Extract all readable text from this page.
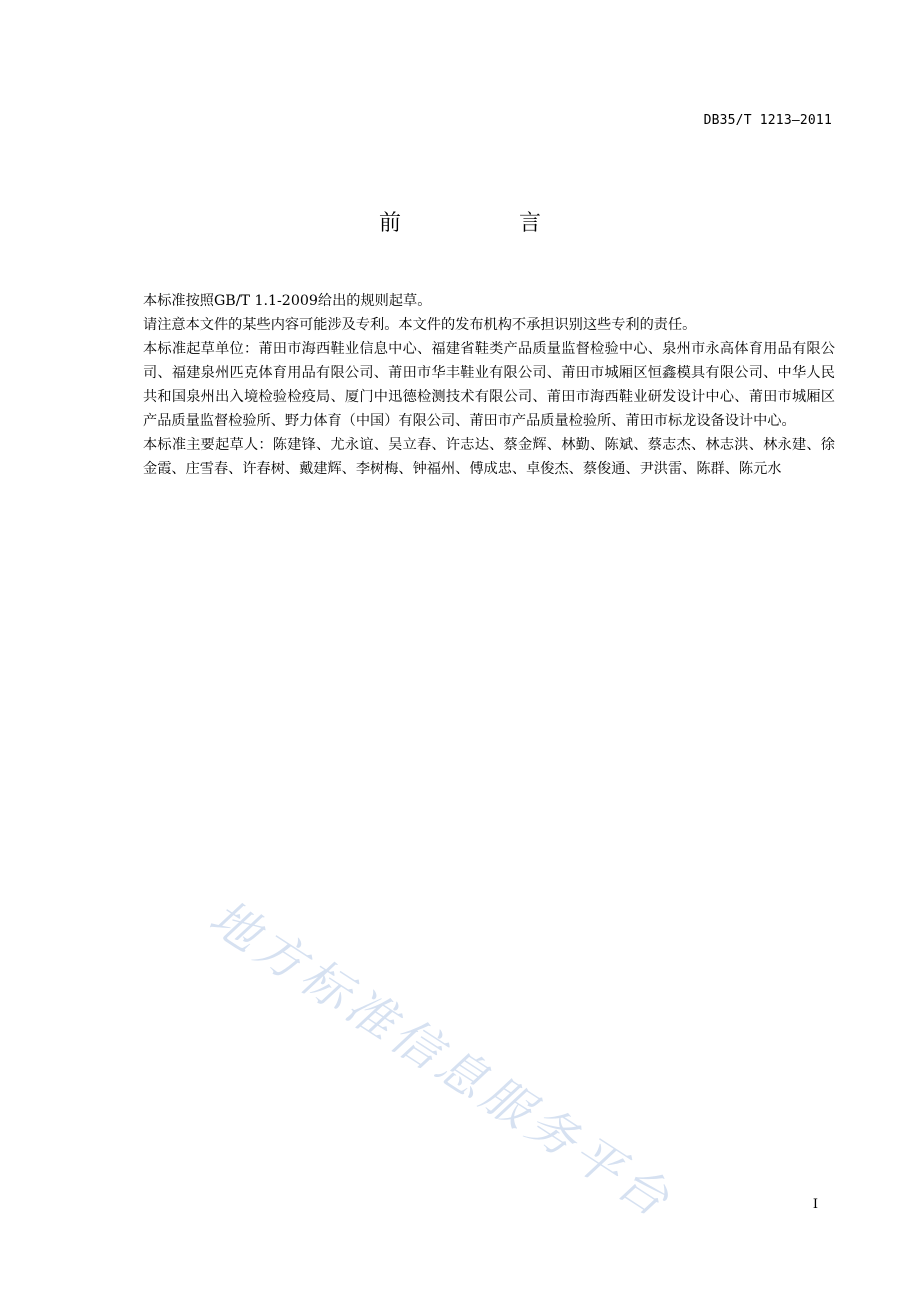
DB35/T 1213—2011
前　言

本标准按照GB/T 1.1-2009给出的规则起草。

请注意本文件的某些内容可能涉及专利。本文件的发布机构不承担识别这些专利的责任。

本标准起草单位：莆田市海西鞋业信息中心、福建省鞋类产品质量监督检验中心、泉州市永高体育用品有限公司、福建泉州匹克体育用品有限公司、莆田市华丰鞋业有限公司、莆田市城厢区恒鑫模具有限公司、中华人民共和国泉州出入境检验检疫局、厦门中迅德检测技术有限公司、莆田市海西鞋业研发设计中心、莆田市城厢区产品质量监督检验所、野力体育（中国）有限公司、莆田市产品质量检验所、莆田市标龙设备设计中心。

本标准主要起草人：陈建锋、尤永谊、吴立春、许志达、蔡金辉、林勤、陈斌、蔡志杰、林志洪、林永建、徐金霞、庄雪春、许春树、戴建辉、李树梅、钟福州、傅成忠、卓俊杰、蔡俊通、尹洪雷、陈群、陈元水

地方标准信息服务平台	I
